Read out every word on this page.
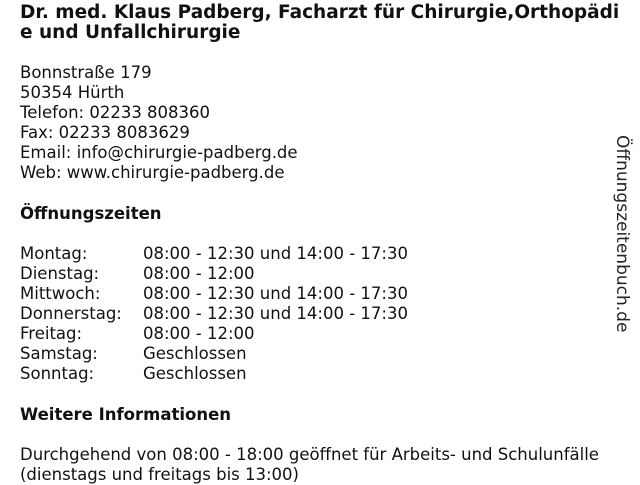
Dr. med. Klaus Padberg, Facharzt für Chirurgie,Orthopädie und Unfallchirurgie
Bonnstraße 179
50354 Hürth
Telefon: 02233 808360
Fax: 02233 8083629
Email: info@chirurgie-padberg.de
Web: www.chirurgie-padberg.de
Öffnungszeiten
Montag:	08:00 - 12:30 und 14:00 - 17:30
Dienstag:	08:00 - 12:00
Mittwoch:	08:00 - 12:30 und 14:00 - 17:30
Donnerstag:	08:00 - 12:30 und 14:00 - 17:30
Freitag:	08:00 - 12:00
Samstag:	Geschlossen
Sonntag:	Geschlossen
Weitere Informationen
Durchgehend von 08:00 - 18:00 geöffnet für Arbeits- und Schulunfälle (dienstags und freitags bis 13:00)
Öffnungszeitenbuch.de
